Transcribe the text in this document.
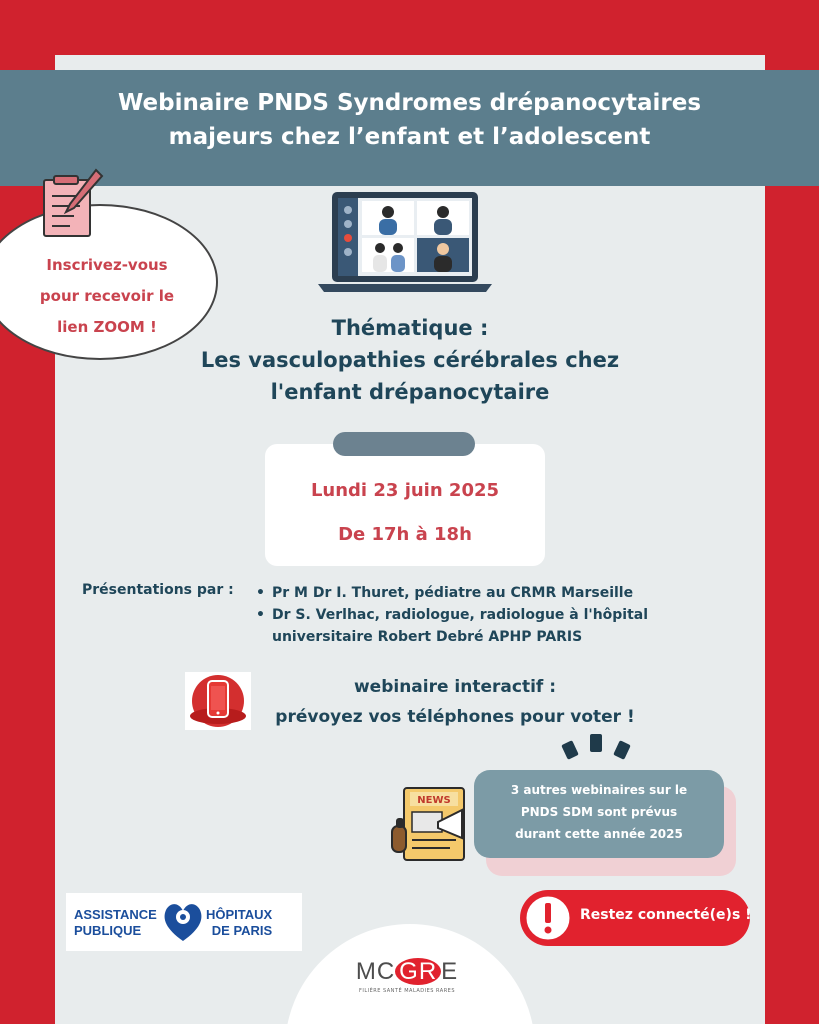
Webinaire PNDS Syndromes drépanocytaires
majeurs chez l’enfant et l’adolescent
Inscrivez-vous
pour recevoir le
lien ZOOM !	Thématique :
Les vasculopathies cérébrales chez
l'enfant drépanocytaire
Lundi 23 juin 2025
De 17h à 18h
Présentations par :
•	Pr M Dr I. Thuret, pédiatre au CRMR Marseille
• Dr S. Verlhac, radiologue, radiologue à l'hôpital universitaire Robert Debré APHP PARIS
webinaire interactif :
prévoyez vos téléphones pour voter !
3 autres webinaires sur le
PNDS SDM sont prévus
durant cette année 2025
NEWS
ASSISTANCE
PUBLIQUE
HÔPITAUX
DE PARIS
Restez connecté(e)s !
MC GR E
FILIÈRE SANTÉ MALADIES RARES
